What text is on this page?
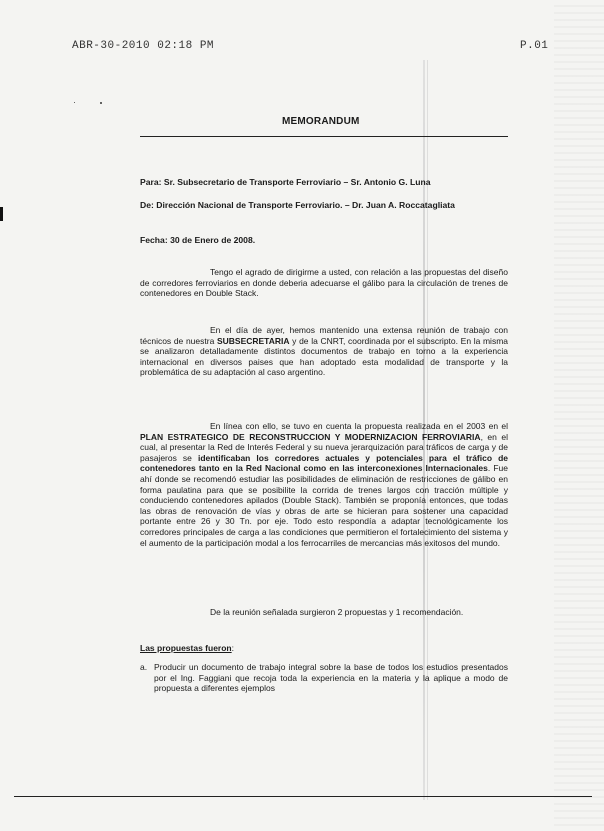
ABR-30-2010 02:18 PM	P.01
MEMORANDUM
Para: Sr. Subsecretario de Transporte Ferroviario – Sr. Antonio G. Luna
De: Dirección Nacional de Transporte Ferroviario. – Dr. Juan A. Roccatagliata
Fecha: 30 de Enero de 2008.

Tengo el agrado de dirigirme a usted, con relación a las propuestas del diseño de corredores ferroviarios en donde deberia adecuarse el gálibo para la circulación de trenes de contenedores en Double Stack.

En el día de ayer, hemos mantenido una extensa reunión de trabajo con técnicos de nuestra SUBSECRETARIA y de la CNRT, coordinada por el subscripto. En la misma se analizaron detalladamente distintos documentos de trabajo en torno a la experiencia internacional en diversos paises que han adoptado esta modalidad de transporte y la problemática de su adaptación al caso argentino.

En línea con ello, se tuvo en cuenta la propuesta realizada en el 2003 en el PLAN ESTRATEGICO DE RECONSTRUCCION Y MODERNIZACION FERROVIARIA, en el cual, al presentar la Red de Interés Federal y su nueva jerarquización para tráficos de carga y de pasajeros se identificaban los corredores actuales y potenciales para el tráfico de contenedores tanto en la Red Nacional como en las interconexiones Internacionales. Fue ahí donde se recomendó estudiar las posibilidades de eliminación de restricciones de gálibo en forma paulatina para que se posibilite la corrida de trenes largos con tracción múltiple y conduciendo contenedores apilados (Double Stack). También se proponía entonces, que todas las obras de renovación de vías y obras de arte se hicieran para sostener una capacidad portante entre 26 y 30 Tn. por eje. Todo esto respondía a adaptar tecnológicamente los corredores principales de carga a las condiciones que permitieron el fortalecimiento del sistema y el aumento de la participación modal a los ferrocarriles de mercancias más exitosos del mundo.

De la reunión señalada surgieron 2 propuestas y 1 recomendación.

Las propuestas fueron:
a. Producir un documento de trabajo integral sobre la base de todos los estudios presentados por el Ing. Faggiani que recoja toda la experiencia en la materia y la aplique a modo de propuesta a diferentes ejemplos
